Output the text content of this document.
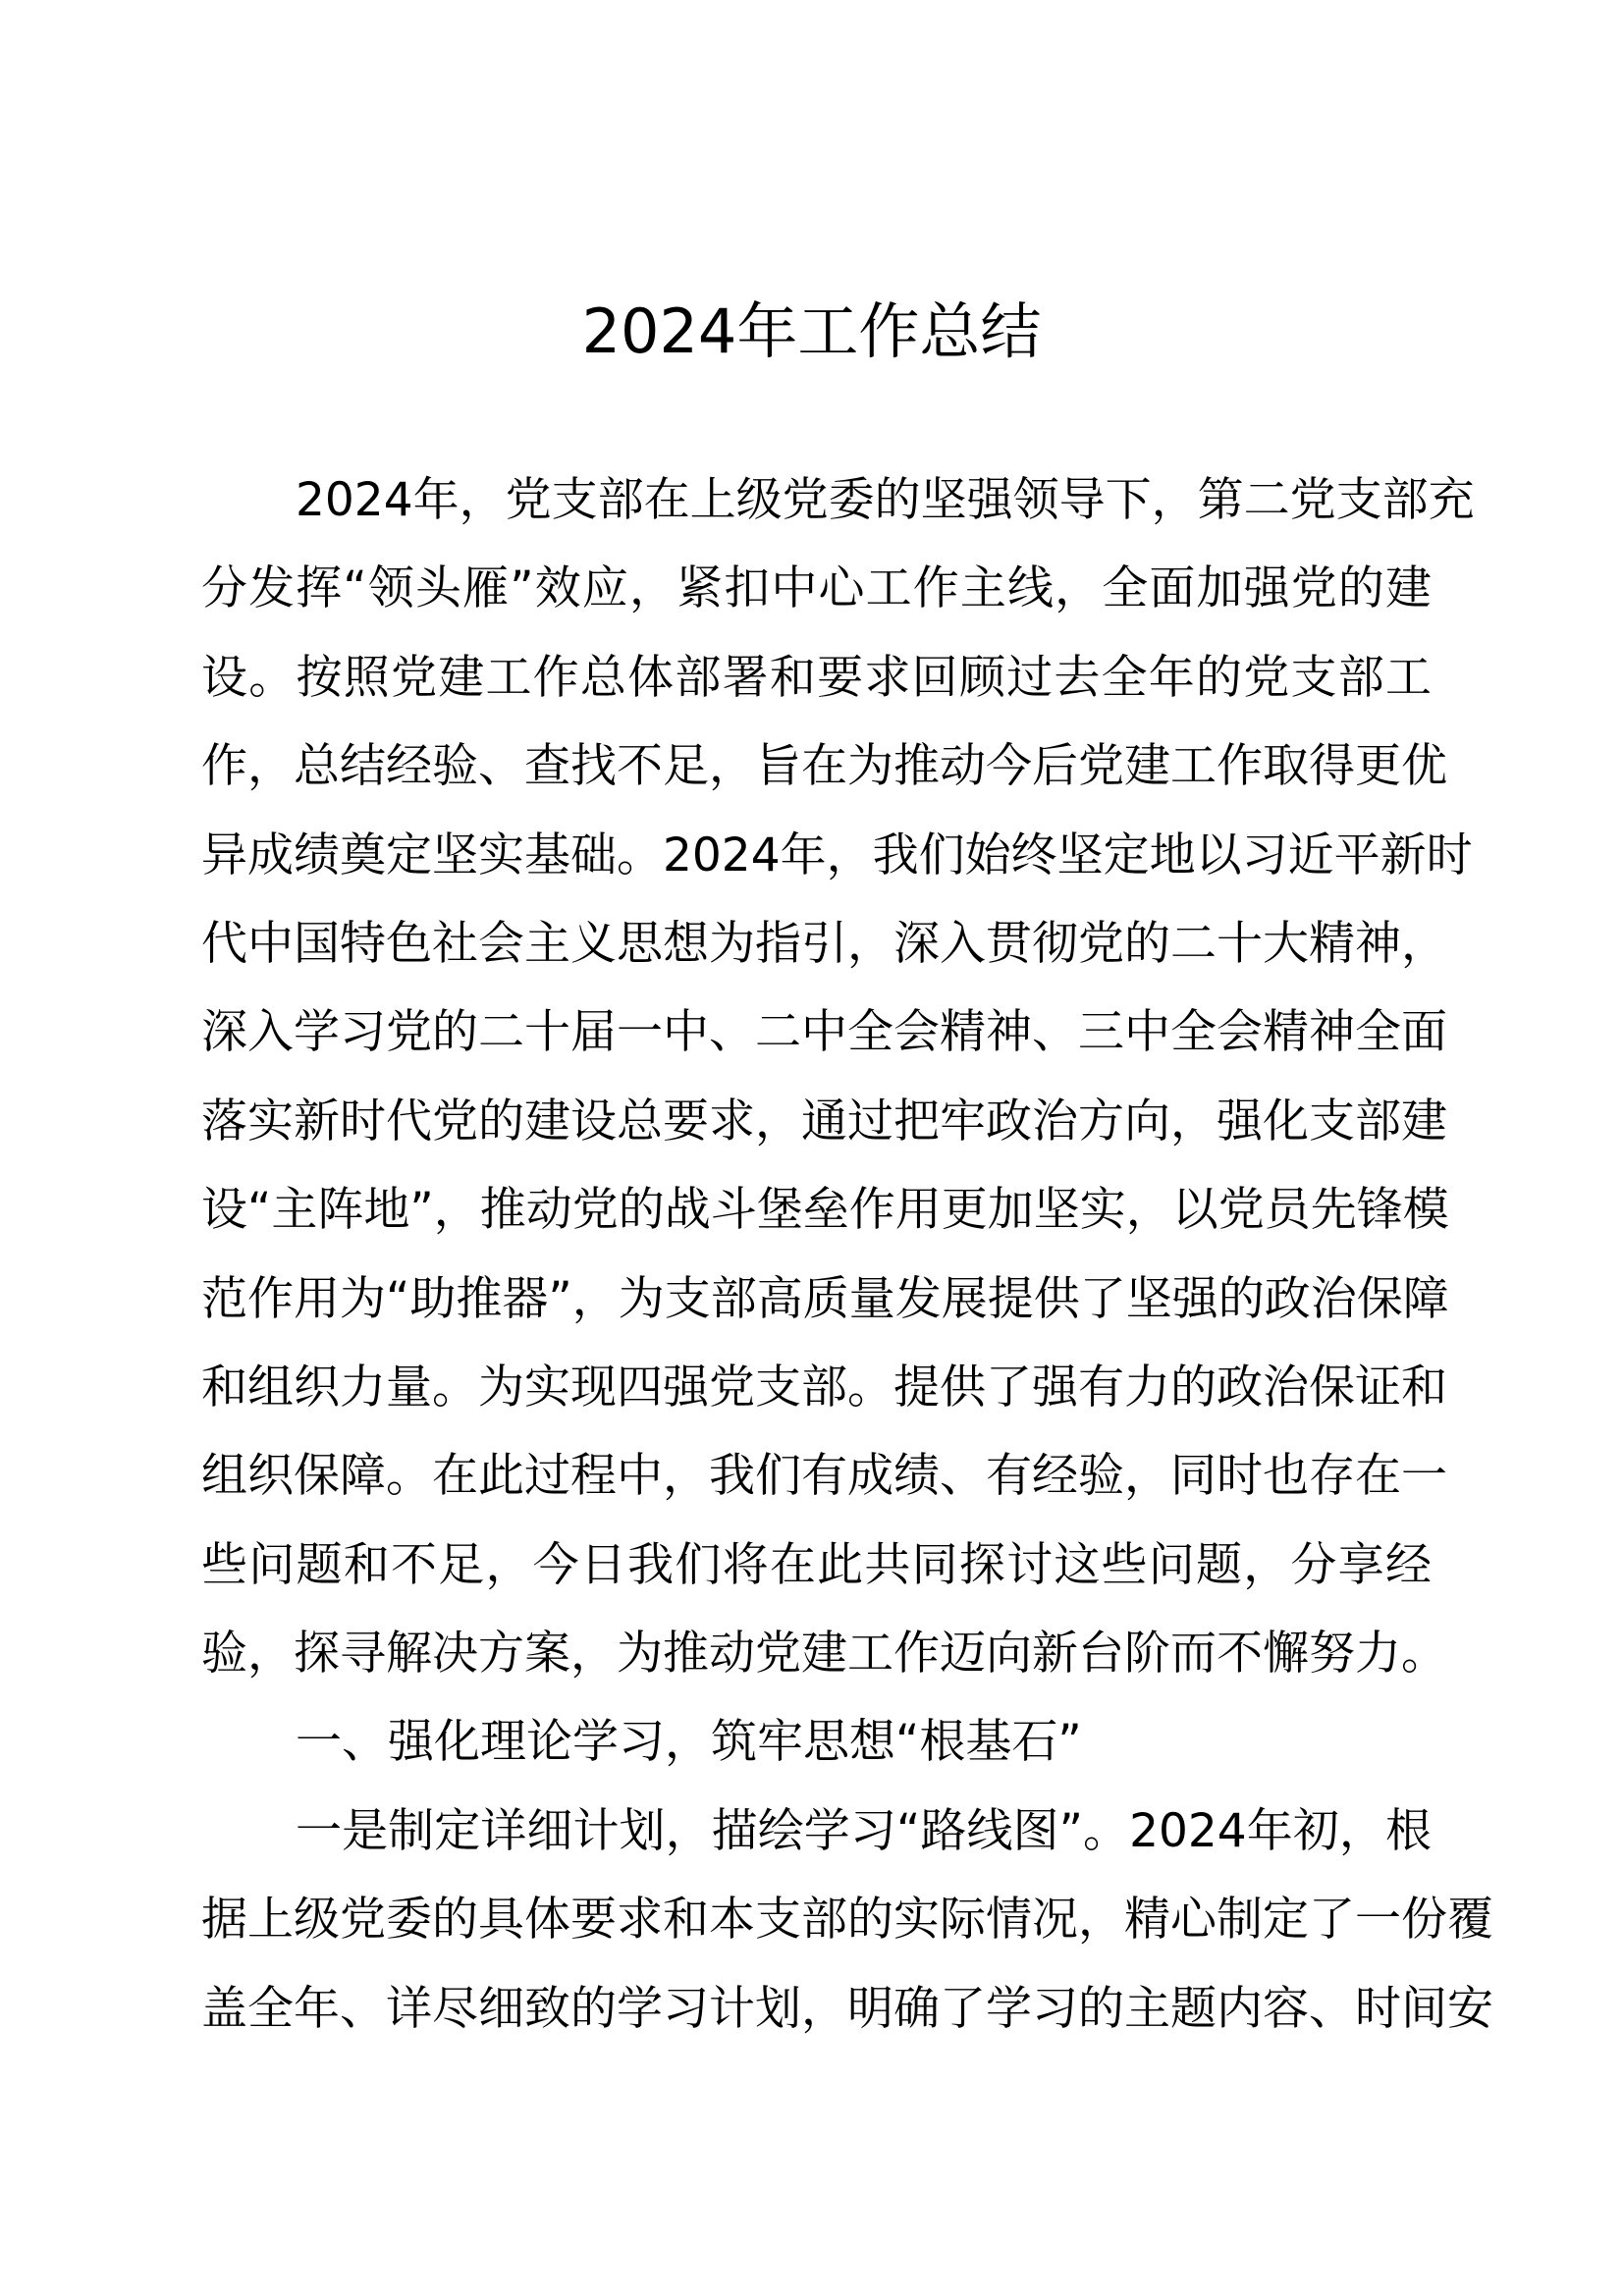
2024年工作总结
2024年，党支部在上级党委的坚强领导下，第二党支部充
分发挥“领头雁”效应，紧扣中心工作主线，全面加强党的建
设。按照党建工作总体部署和要求回顾过去全年的党支部工
作，总结经验、查找不足，旨在为推动今后党建工作取得更优
异成绩奠定坚实基础。2024年，我们始终坚定地以习近平新时
代中国特色社会主义思想为指引，深入贯彻党的二十大精神，
深入学习党的二十届一中、二中全会精神、三中全会精神全面
落实新时代党的建设总要求，通过把牢政治方向，强化支部建
设“主阵地”，推动党的战斗堡垒作用更加坚实，以党员先锋模
范作用为“助推器”，为支部高质量发展提供了坚强的政治保障
和组织力量。为实现四强党支部。提供了强有力的政治保证和
组织保障。在此过程中，我们有成绩、有经验，同时也存在一
些问题和不足，今日我们将在此共同探讨这些问题，分享经
验，探寻解决方案，为推动党建工作迈向新台阶而不懈努力。
一、强化理论学习，筑牢思想“根基石”
一是制定详细计划，描绘学习“路线图”。2024年初，根
据上级党委的具体要求和本支部的实际情况，精心制定了一份覆
盖全年、详尽细致的学习计划，明确了学习的主题内容、时间安
